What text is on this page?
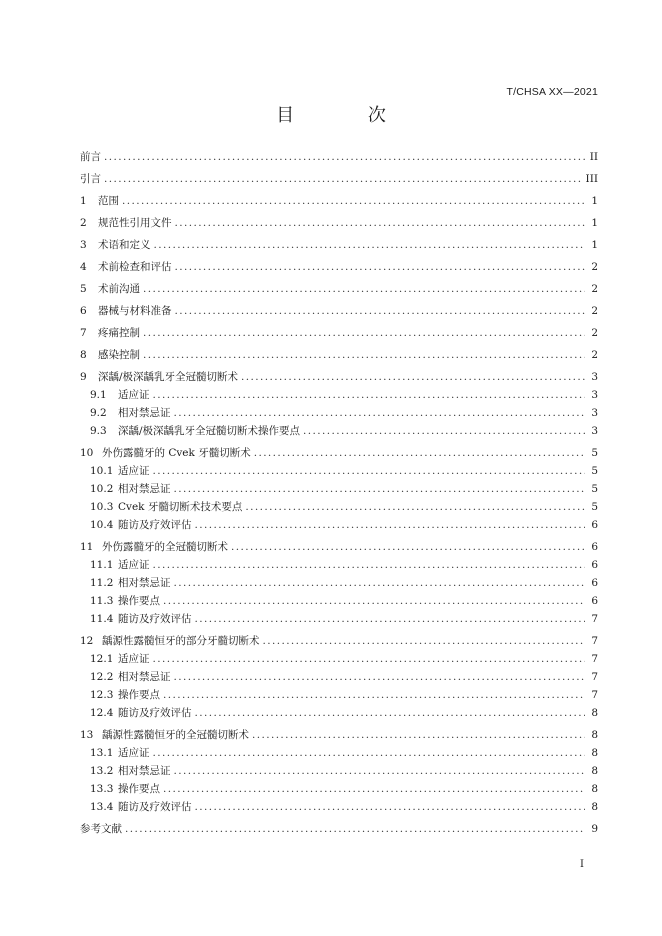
T/CHSA XX—2021
目 次
前言 .....	II
引言 .....	III
1 范围 .....	1
2 规范性引用文件 .....	1
3 术语和定义 .....	1
4 术前检查和评估 .....	2
5 术前沟通 .....	2
6 器械与材料准备 .....	2
7 疼痛控制 .....	2
8 感染控制 .....	2
9 深龋/极深龋乳牙全冠髓切断术 .....	3
9.1 适应证 .....	3
9.2 相对禁忌证 .....	3
9.3 深龋/极深龋乳牙全冠髓切断术操作要点 .....	3
10 外伤露髓牙的 Cvek 牙髓切断术 .....	5
10.1 适应证 .....	5
10.2 相对禁忌证 .....	5
10.3 Cvek 牙髓切断术技术要点 .....	5
10.4 随访及疗效评估 .....	6
11 外伤露髓牙的全冠髓切断术 .....	6
11.1 适应证 .....	6
11.2 相对禁忌证 .....	6
11.3 操作要点 .....	6
11.4 随访及疗效评估 .....	7
12 龋源性露髓恒牙的部分牙髓切断术 .....	7
12.1 适应证 .....	7
12.2 相对禁忌证 .....	7
12.3 操作要点 .....	7
12.4 随访及疗效评估 .....	8
13 龋源性露髓恒牙的全冠髓切断术 .....	8
13.1 适应证 .....	8
13.2 相对禁忌证 .....	8
13.3 操作要点 .....	8
13.4 随访及疗效评估 .....	8
参考文献 .....	9
I
